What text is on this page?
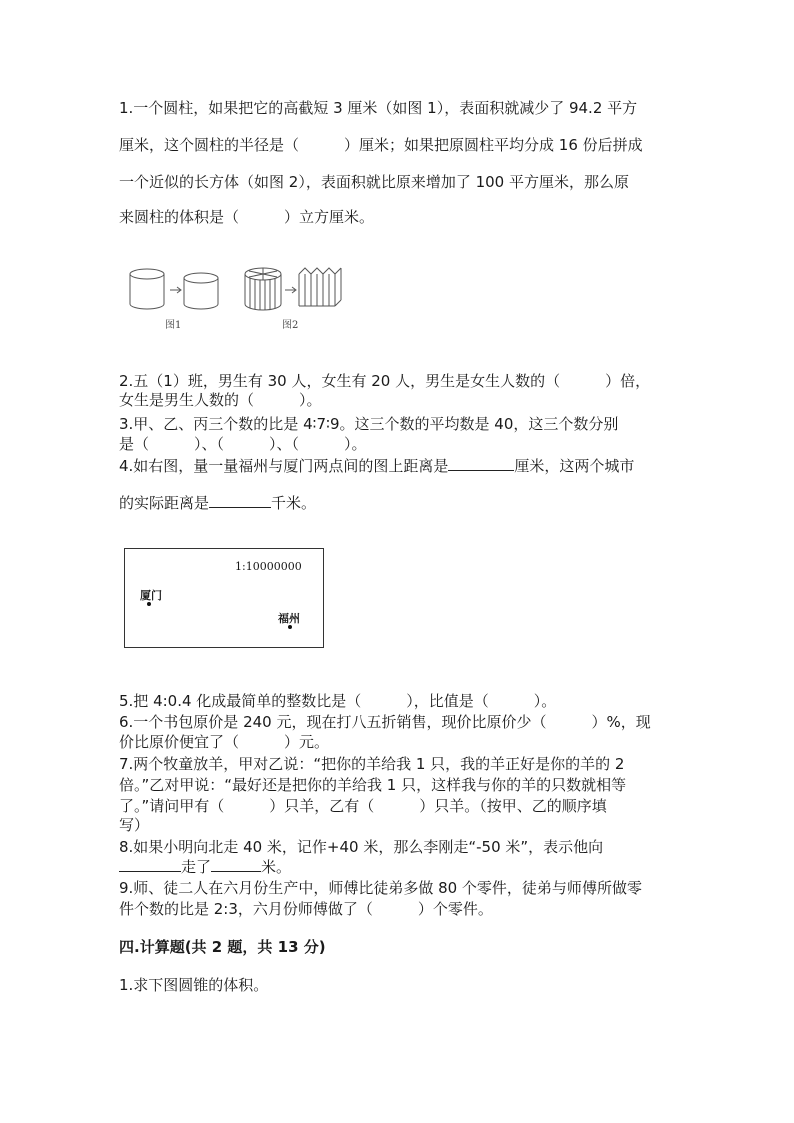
1.一个圆柱，如果把它的高截短 3 厘米（如图 1），表面积就减少了 94.2 平方
厘米，这个圆柱的半径是（　　　）厘米；如果把原圆柱平均分成 16 份后拼成
一个近似的长方体（如图 2），表面积就比原来增加了 100 平方厘米，那么原
来圆柱的体积是（　　　）立方厘米。
图1	图2
2.五（1）班，男生有 30 人，女生有 20 人，男生是女生人数的（　　　）倍，
女生是男生人数的（　　　）。
3.甲、乙、丙三个数的比是 4∶7∶9。这三个数的平均数是 40，这三个数分别
是（　　　）、（　　　）、（　　　）。
4.如右图，量一量福州与厦门两点间的图上距离是	厘米，这两个城市
的实际距离是	千米。
1:10000000
厦门
福州
5.把 4:0.4 化成最简单的整数比是（　　　），比值是（　　　）。
6.一个书包原价是 240 元，现在打八五折销售，现价比原价少（　　　）%，现
价比原价便宜了（　　　）元。
7.两个牧童放羊，甲对乙说：“把你的羊给我 1 只，我的羊正好是你的羊的 2
倍。”乙对甲说：“最好还是把你的羊给我 1 只，这样我与你的羊的只数就相等
了。”请问甲有（　　　）只羊，乙有（　　　）只羊。（按甲、乙的顺序填
写）
8.如果小明向北走 40 米，记作+40 米，那么李刚走“-50 米”，表示他向
走了	米。
9.师、徒二人在六月份生产中，师傅比徒弟多做 80 个零件，徒弟与师傅所做零
件个数的比是 2:3，六月份师傅做了（　　　）个零件。
四.计算题(共 2 题，共 13 分)
1.求下图圆锥的体积。
